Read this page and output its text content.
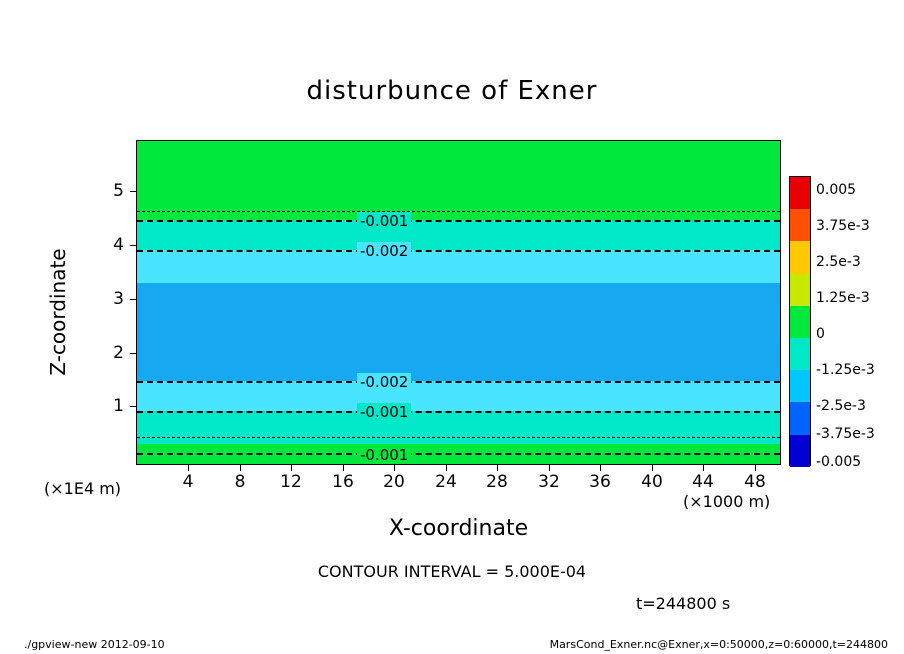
disturbunce of Exner
-0.001
-0.002
-0.002
-0.001
-0.001
1
2
3
4
5
Z-coordinate
(×1E4 m)	4	8	12	16	20	24	28	32	36	40	44	48
X-coordinate
(×1000 m)
0.005
3.75e-3
2.5e-3
1.25e-3
0
-1.25e-3
-2.5e-3
-3.75e-3
-0.005
CONTOUR INTERVAL = 5.000E-04
t=244800 s
./gpview-new 2012-09-10	MarsCond_Exner.nc@Exner,x=0:50000,z=0:60000,t=244800
